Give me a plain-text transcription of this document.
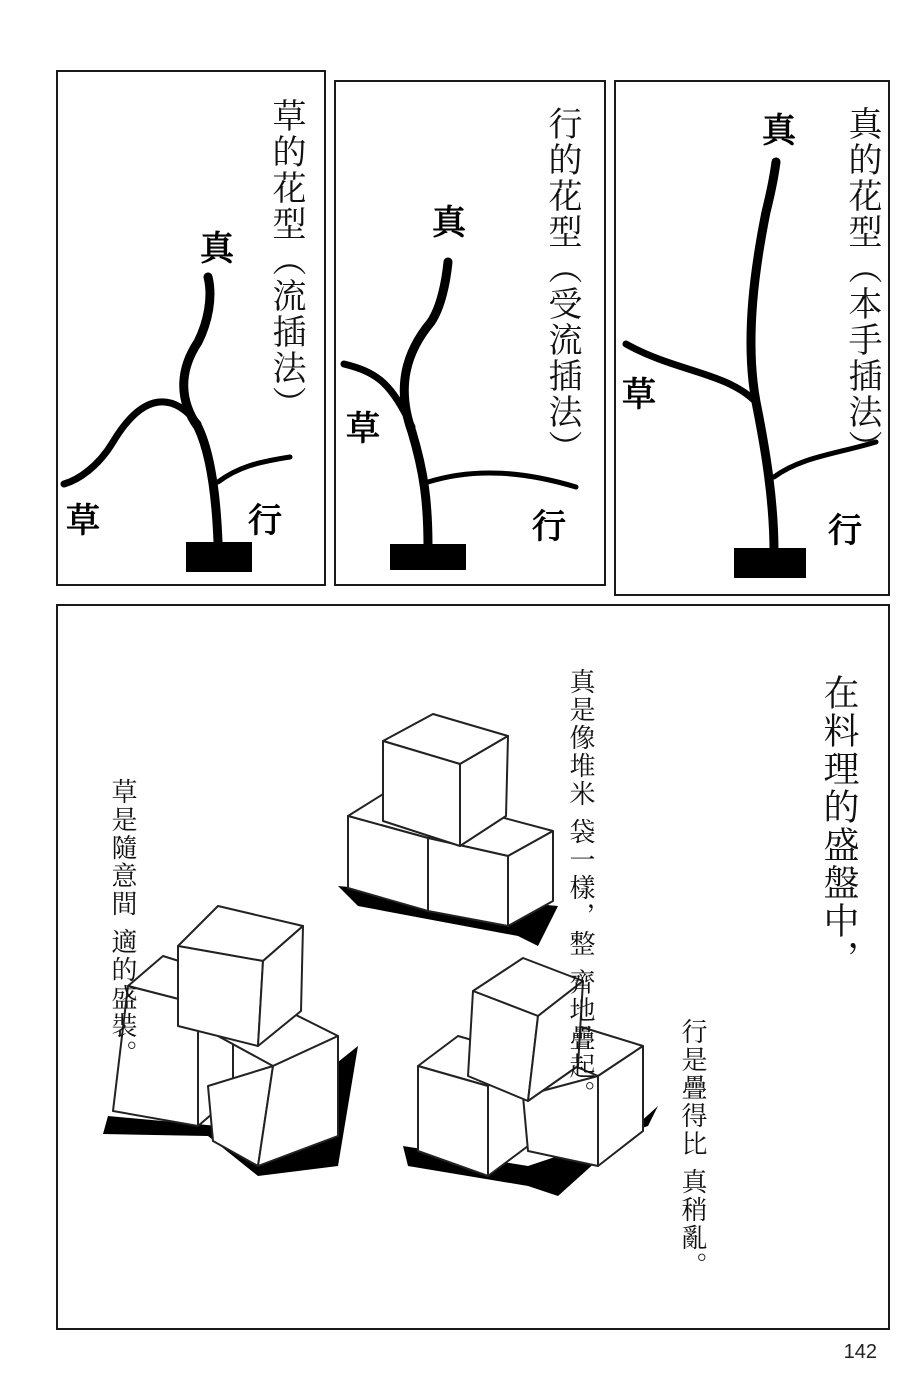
草的花型（流插法）
真
草	行
行的花型（受流插法）
真
草
行
真的花型（本手插法）
真
草
行
在料理的盛盤中，
真是像堆米 袋一樣，整 齊地疊起。
草是隨意間 適的盛裝。
行是疊得比 真稍亂。
142
